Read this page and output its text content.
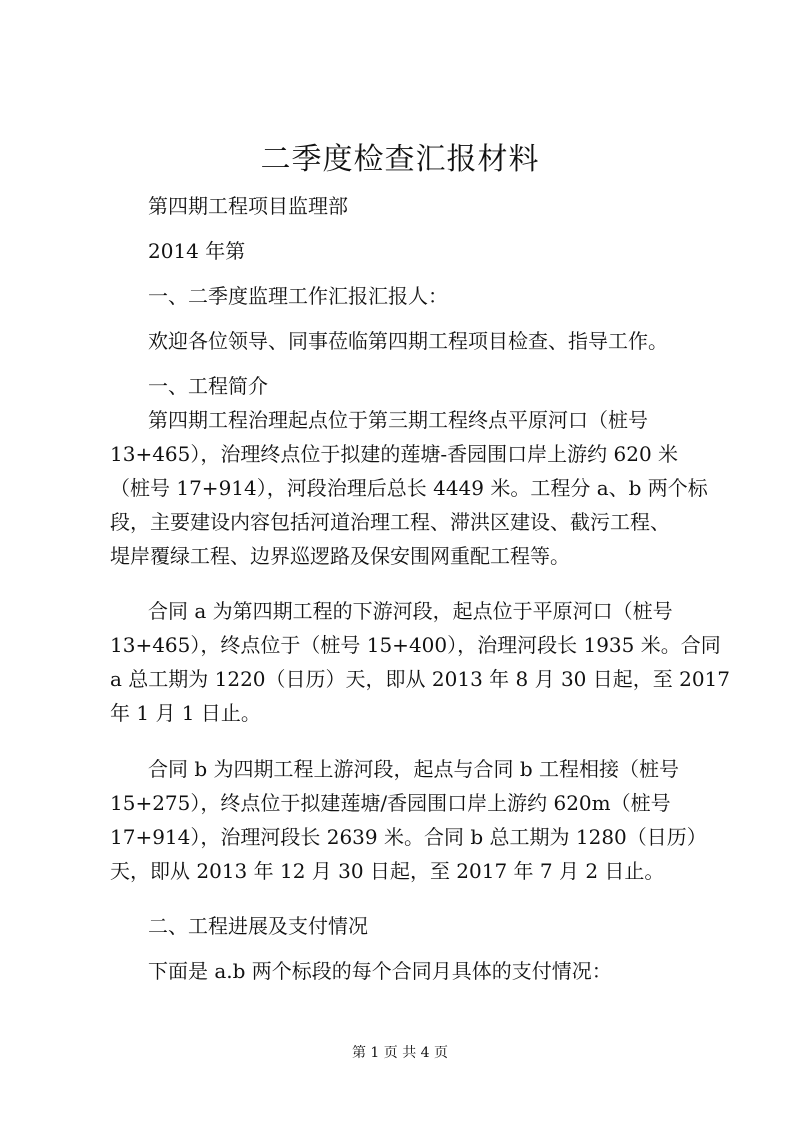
二季度检查汇报材料
第四期工程项目监理部
2014 年第
一、二季度监理工作汇报汇报人：
欢迎各位领导、同事莅临第四期工程项目检查、指导工作。
一、工程简介
第四期工程治理起点位于第三期工程终点平原河口（桩号
13+465），治理终点位于拟建的莲塘-香园围口岸上游约 620 米
（桩号 17+914），河段治理后总长 4449 米。工程分 a、b 两个标
段，主要建设内容包括河道治理工程、滞洪区建设、截污工程、
堤岸覆绿工程、边界巡逻路及保安围网重配工程等。
合同 a 为第四期工程的下游河段，起点位于平原河口（桩号
13+465），终点位于（桩号 15+400），治理河段长 1935 米。合同
a 总工期为 1220（日历）天，即从 2013 年 8 月 30 日起，至 2017
年 1 月 1 日止。
合同 b 为四期工程上游河段，起点与合同 b 工程相接（桩号
15+275），终点位于拟建莲塘/香园围口岸上游约 620m（桩号
17+914），治理河段长 2639 米。合同 b 总工期为 1280（日历）
天，即从 2013 年 12 月 30 日起，至 2017 年 7 月 2 日止。
二、工程进展及支付情况
下面是 a.b 两个标段的每个合同月具体的支付情况：
第 1 页 共 4 页
